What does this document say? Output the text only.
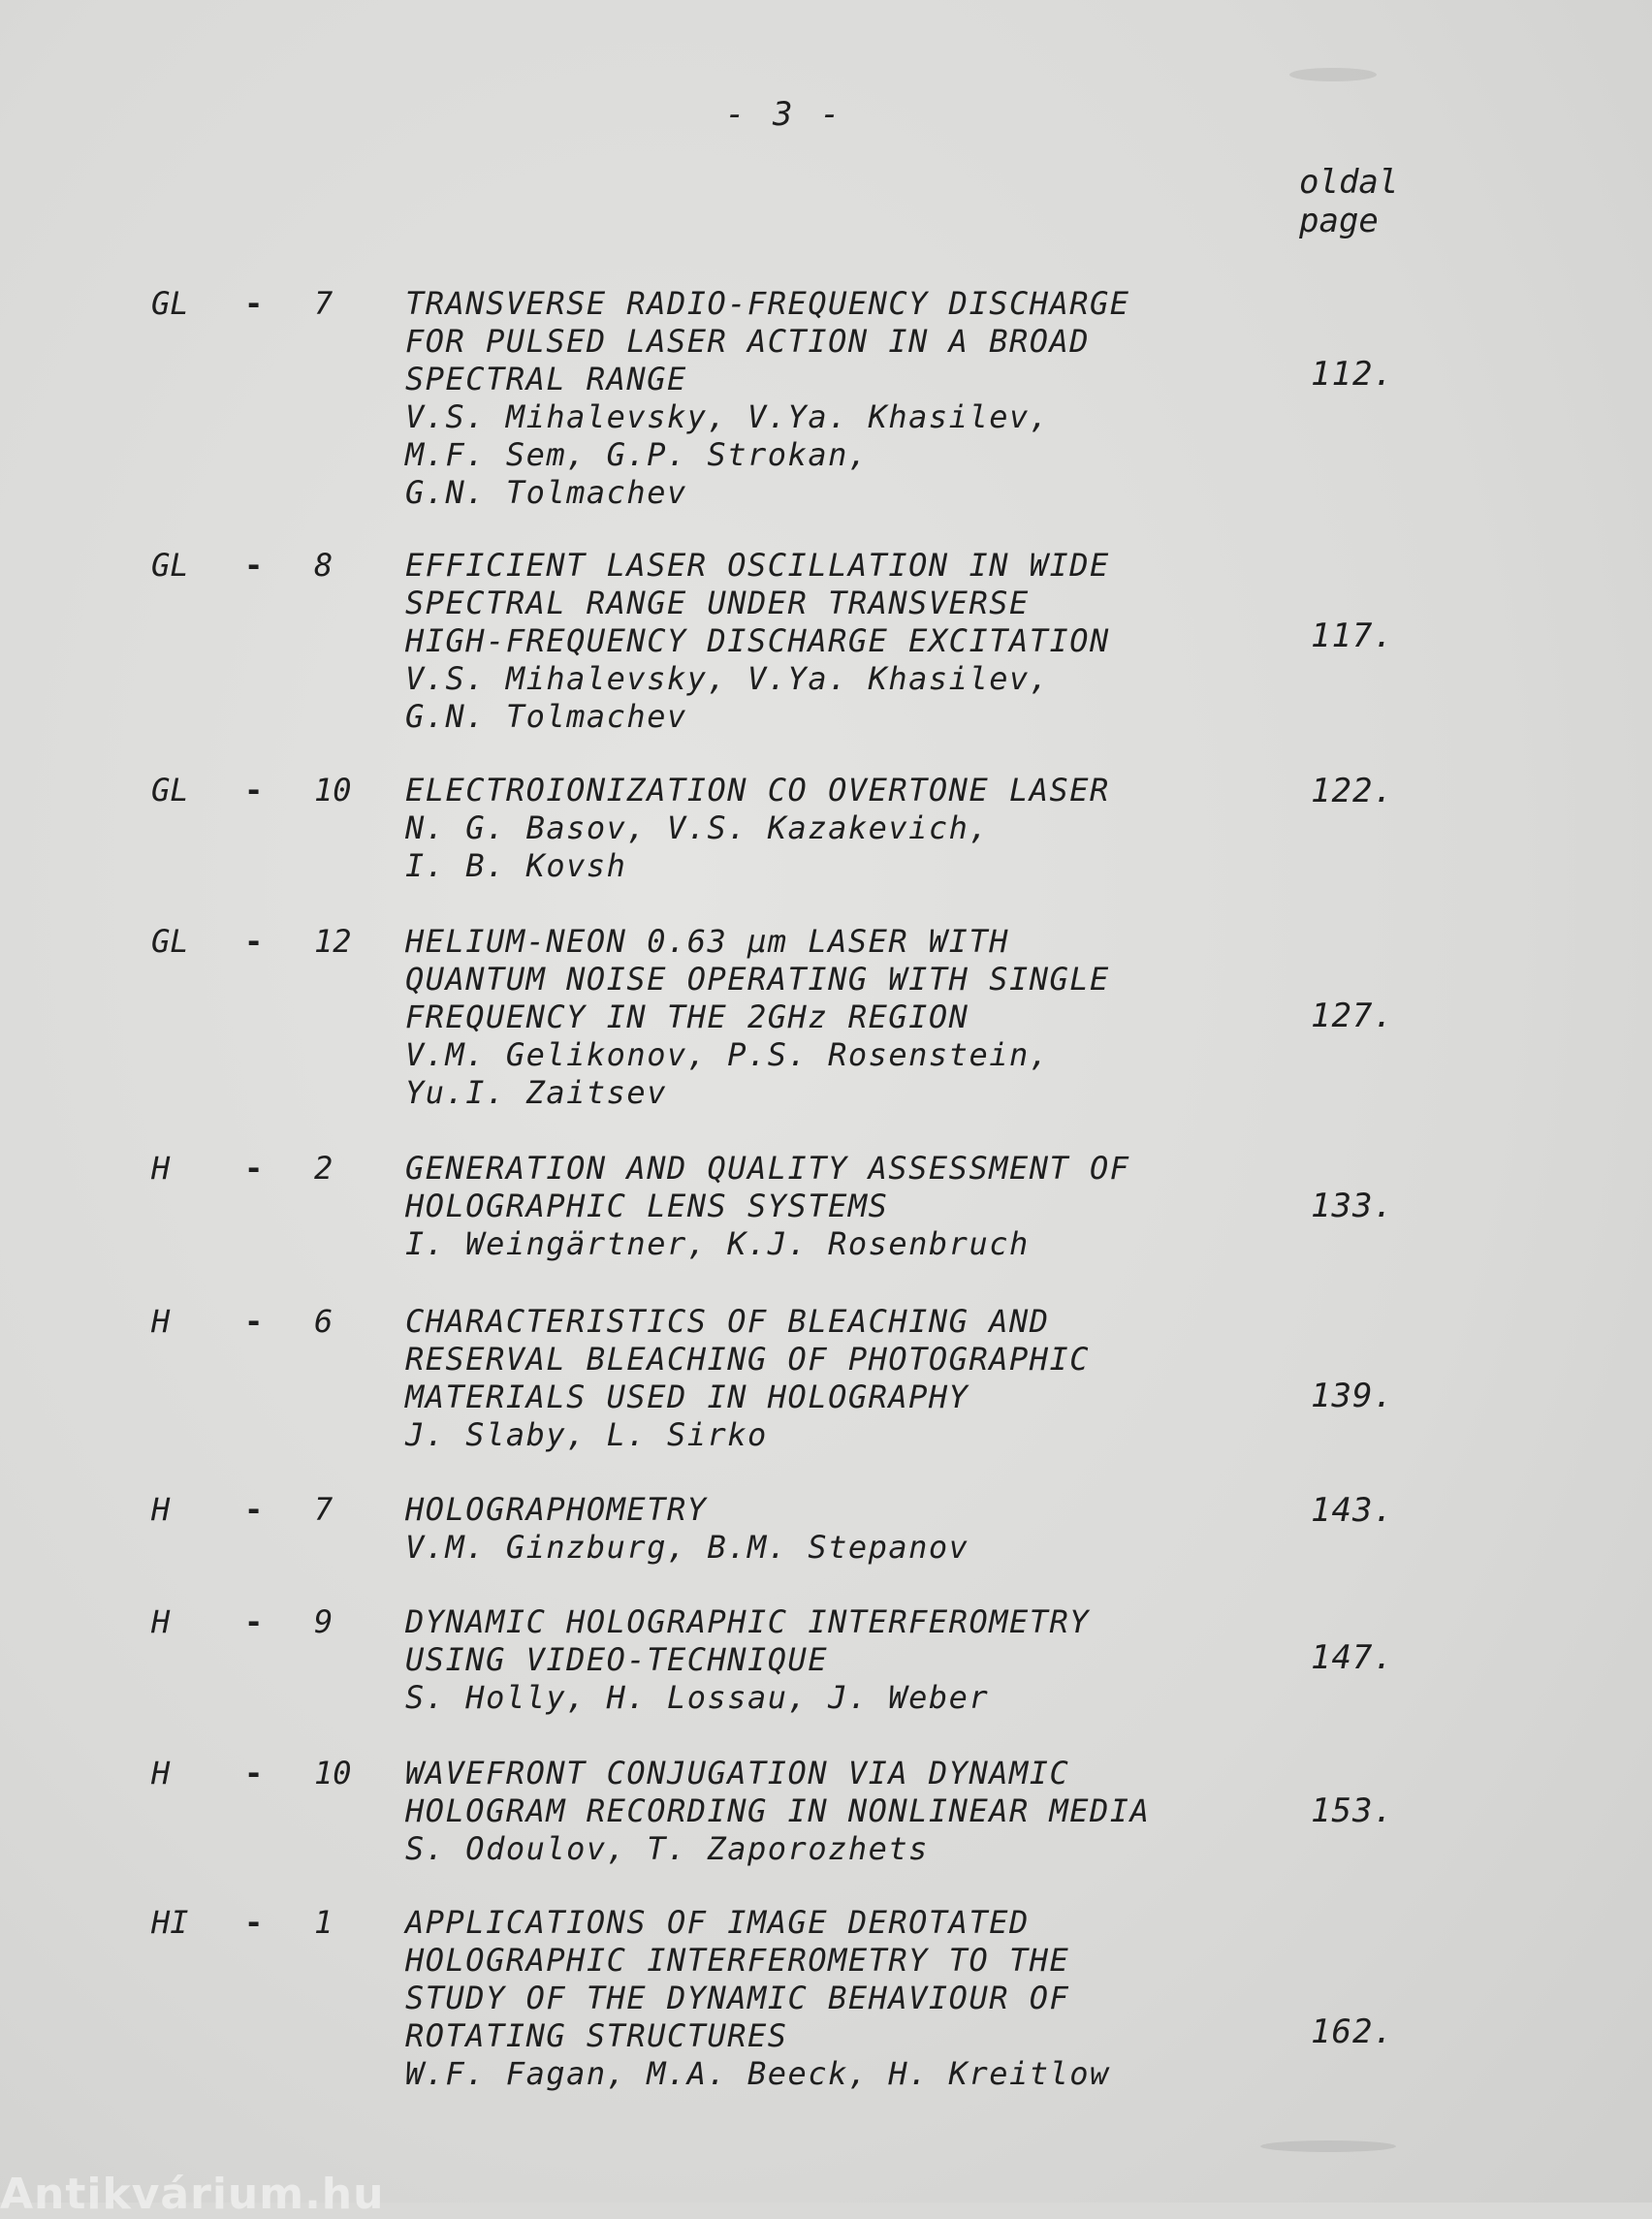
- 3 -
oldal
page
GL	- 7 TRANSVERSE RADIO-FREQUENCY DISCHARGE
FOR PULSED LASER ACTION IN A BROAD
SPECTRAL RANGE
V.S. Mihalevsky, V.Ya. Khasilev,
M.F. Sem, G.P. Strokan,
G.N. Tolmachev
112.
GL	- 8 EFFICIENT LASER OSCILLATION IN WIDE
SPECTRAL RANGE UNDER TRANSVERSE
HIGH-FREQUENCY DISCHARGE EXCITATION
V.S. Mihalevsky, V.Ya. Khasilev,
G.N. Tolmachev
117.
GL	- 10 ELECTROIONIZATION CO OVERTONE LASER
N. G. Basov, V.S. Kazakevich,
I. B. Kovsh
122.
GL	- 12 HELIUM-NEON 0.63 µm LASER WITH
QUANTUM NOISE OPERATING WITH SINGLE
FREQUENCY IN THE 2GHz REGION
V.M. Gelikonov, P.S. Rosenstein,
Yu.I. Zaitsev
127.
H	- 2 GENERATION AND QUALITY ASSESSMENT OF
HOLOGRAPHIC LENS SYSTEMS
I. Weingärtner, K.J. Rosenbruch
133.
H	- 6 CHARACTERISTICS OF BLEACHING AND
RESERVAL BLEACHING OF PHOTOGRAPHIC
MATERIALS USED IN HOLOGRAPHY
J. Slaby, L. Sirko
139.
H	- 7 HOLOGRAPHOMETRY
V.M. Ginzburg, B.M. Stepanov
143.
H	- 9 DYNAMIC HOLOGRAPHIC INTERFEROMETRY
USING VIDEO-TECHNIQUE
S. Holly, H. Lossau, J. Weber
147.
H	- 10 WAVEFRONT CONJUGATION VIA DYNAMIC
HOLOGRAM RECORDING IN NONLINEAR MEDIA
S. Odoulov, T. Zaporozhets
153.
HI	- 1 APPLICATIONS OF IMAGE DEROTATED
HOLOGRAPHIC INTERFEROMETRY TO THE
STUDY OF THE DYNAMIC BEHAVIOUR OF
ROTATING STRUCTURES
W.F. Fagan, M.A. Beeck, H. Kreitlow
162.
Antikvárium.hu
